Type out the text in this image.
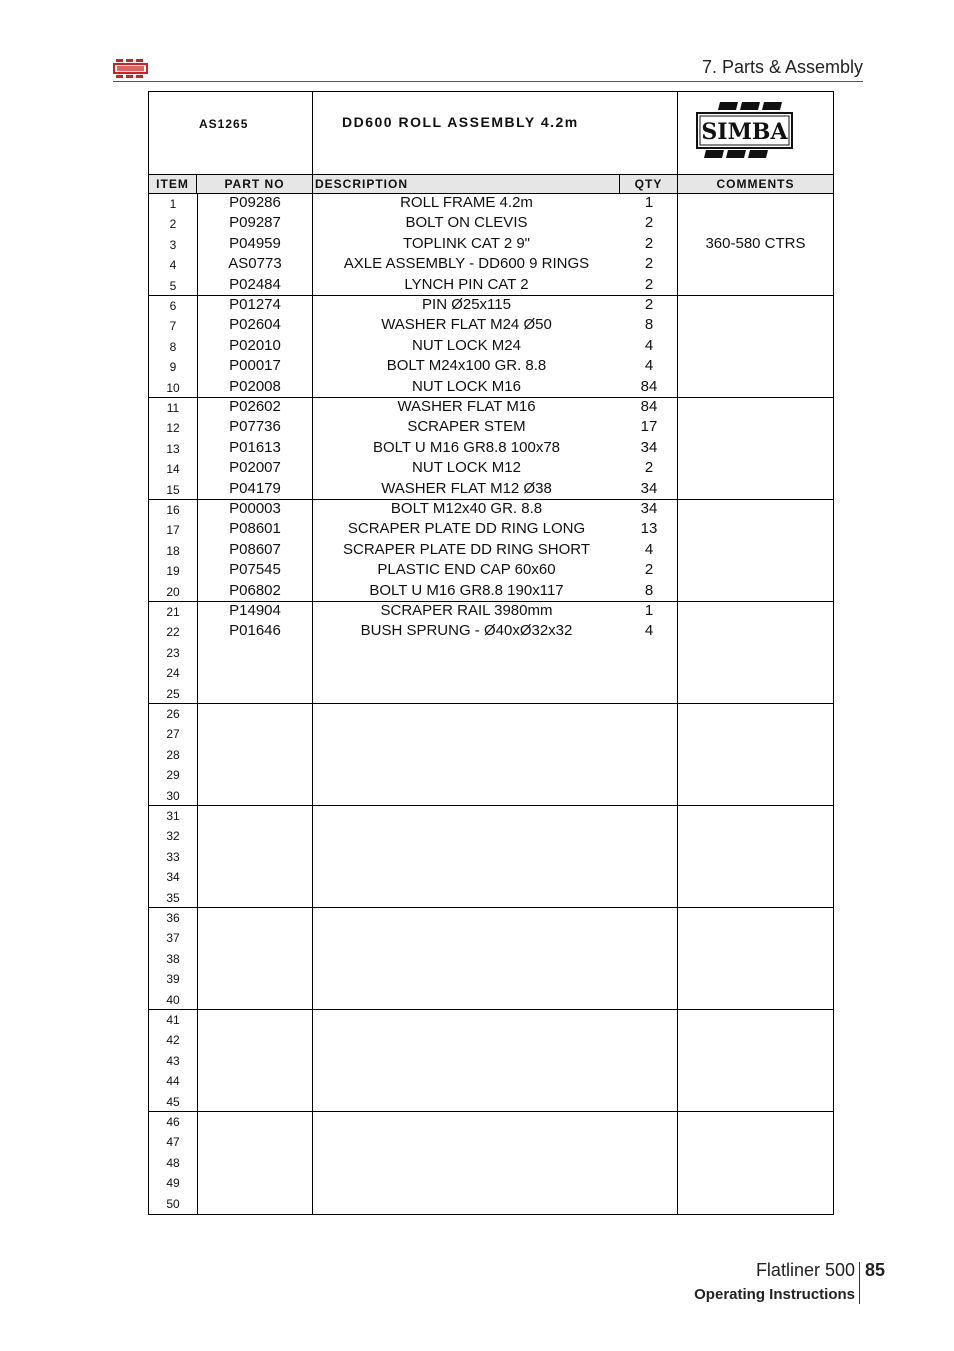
7. Parts & Assembly
AS1265	DD600 ROLL ASSEMBLY 4.2m	SIMBA
ITEM	PART NO	DESCRIPTION	QTY	COMMENTS
1	P09286	ROLL FRAME 4.2m	1
2	P09287	BOLT ON CLEVIS	2
3	P04959	TOPLINK CAT 2 9"	2	360-580 CTRS
4	AS0773	AXLE ASSEMBLY - DD600 9 RINGS	2
5	P02484	LYNCH PIN CAT 2	2
6	P01274	PIN Ø25x115	2
7	P02604	WASHER FLAT M24 Ø50	8
8	P02010	NUT LOCK M24	4
9	P00017	BOLT M24x100 GR. 8.8	4
10	P02008	NUT LOCK M16	84
11	P02602	WASHER FLAT M16	84
12	P07736	SCRAPER STEM	17
13	P01613	BOLT U M16 GR8.8 100x78	34
14	P02007	NUT LOCK M12	2
15	P04179	WASHER FLAT M12 Ø38	34
16	P00003	BOLT M12x40 GR. 8.8	34
17	P08601	SCRAPER PLATE DD RING LONG	13
18	P08607	SCRAPER PLATE DD RING SHORT	4
19	P07545	PLASTIC END CAP 60x60	2
20	P06802	BOLT U M16 GR8.8 190x117	8
21	P14904	SCRAPER RAIL 3980mm	1
22	P01646	BUSH SPRUNG - Ø40xØ32x32	4
23
24
25
26
27
28
29
30
31
32
33
34
35
36
37
38
39
40
41
42
43
44
45
46
47
48
49
50
Flatliner 500 85
Operating Instructions
